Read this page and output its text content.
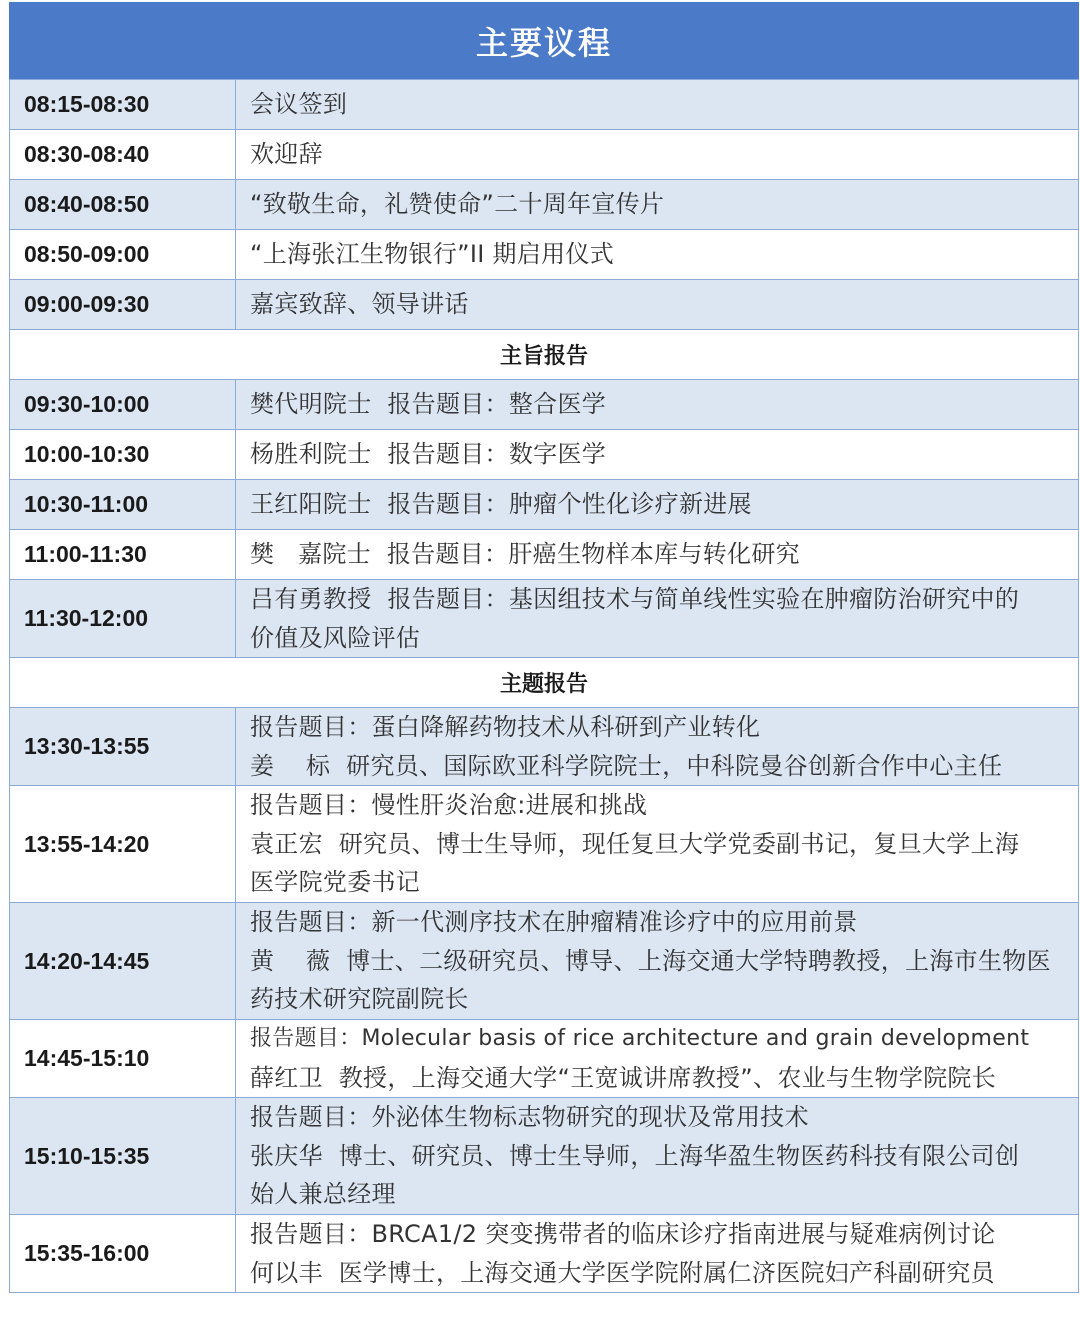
主要议程
08:15-08:30	会议签到
08:30-08:40	欢迎辞
08:40-08:50	“致敬生命，礼赞使命”二十周年宣传片
08:50-09:00	“上海张江生物银行”II 期启用仪式
09:00-09:30	嘉宾致辞、领导讲话
主旨报告	
09:30-10:00	樊代明院士  报告题目：整合医学
10:00-10:30	杨胜利院士  报告题目：数字医学
10:30-11:00	王红阳院士  报告题目：肿瘤个性化诊疗新进展
11:00-11:30	樊   嘉院士  报告题目：肝癌生物样本库与转化研究
11:30-12:00	吕有勇教授  报告题目：基因组技术与简单线性实验在肿瘤防治研究中的
价值及风险评估

主题报告	
13:30-13:55	报告题目：蛋白降解药物技术从科研到产业转化
姜    标  研究员、国际欧亚科学院院士，中科院曼谷创新合作中心主任

13:55-14:20	报告题目：慢性肝炎治愈:进展和挑战
袁正宏  研究员、博士生导师，现任复旦大学党委副书记，复旦大学上海
医学院党委书记

14:20-14:45	报告题目：新一代测序技术在肿瘤精准诊疗中的应用前景
黄    薇  博士、二级研究员、博导、上海交通大学特聘教授，上海市生物医
药技术研究院副院长

14:45-15:10	报告题目：Molecular basis of rice architecture and grain development
薛红卫  教授，上海交通大学“王宽诚讲席教授”、农业与生物学院院长

15:10-15:35	报告题目：外泌体生物标志物研究的现状及常用技术
张庆华  博士、研究员、博士生导师，上海华盈生物医药科技有限公司创
始人兼总经理

15:35-16:00	报告题目：BRCA1/2 突变携带者的临床诊疗指南进展与疑难病例讨论
何以丰  医学博士，上海交通大学医学院附属仁济医院妇产科副研究员
